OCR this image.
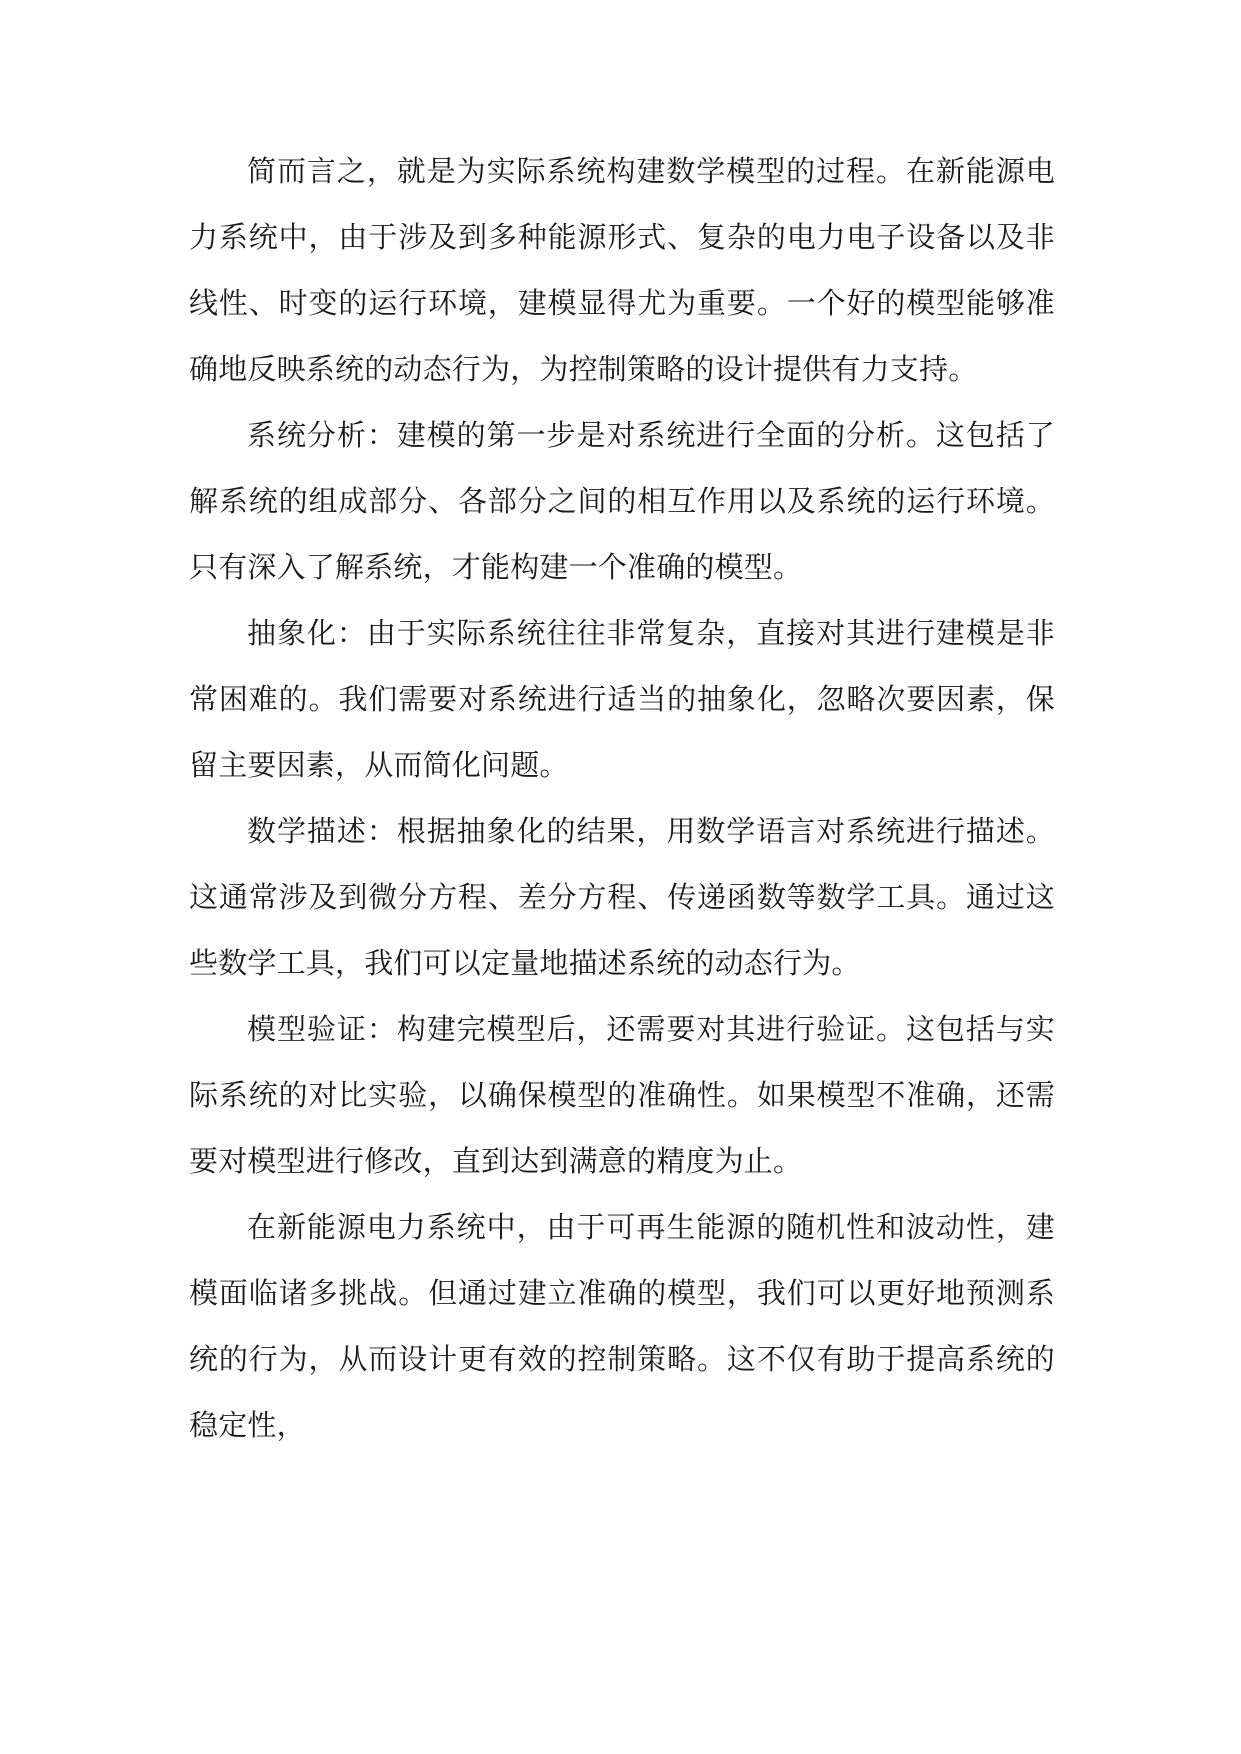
简而言之，就是为实际系统构建数学模型的过程。在新能源电力系统中，由于涉及到多种能源形式、复杂的电力电子设备以及非线性、时变的运行环境，建模显得尤为重要。一个好的模型能够准确地反映系统的动态行为，为控制策略的设计提供有力支持。

系统分析：建模的第一步是对系统进行全面的分析。这包括了解系统的组成部分、各部分之间的相互作用以及系统的运行环境。只有深入了解系统，才能构建一个准确的模型。

抽象化：由于实际系统往往非常复杂，直接对其进行建模是非常困难的。我们需要对系统进行适当的抽象化，忽略次要因素，保留主要因素，从而简化问题。

数学描述：根据抽象化的结果，用数学语言对系统进行描述。这通常涉及到微分方程、差分方程、传递函数等数学工具。通过这些数学工具，我们可以定量地描述系统的动态行为。

模型验证：构建完模型后，还需要对其进行验证。这包括与实际系统的对比实验，以确保模型的准确性。如果模型不准确，还需要对模型进行修改，直到达到满意的精度为止。

在新能源电力系统中，由于可再生能源的随机性和波动性，建模面临诸多挑战。但通过建立准确的模型，我们可以更好地预测系统的行为，从而设计更有效的控制策略。这不仅有助于提高系统的稳定性，
